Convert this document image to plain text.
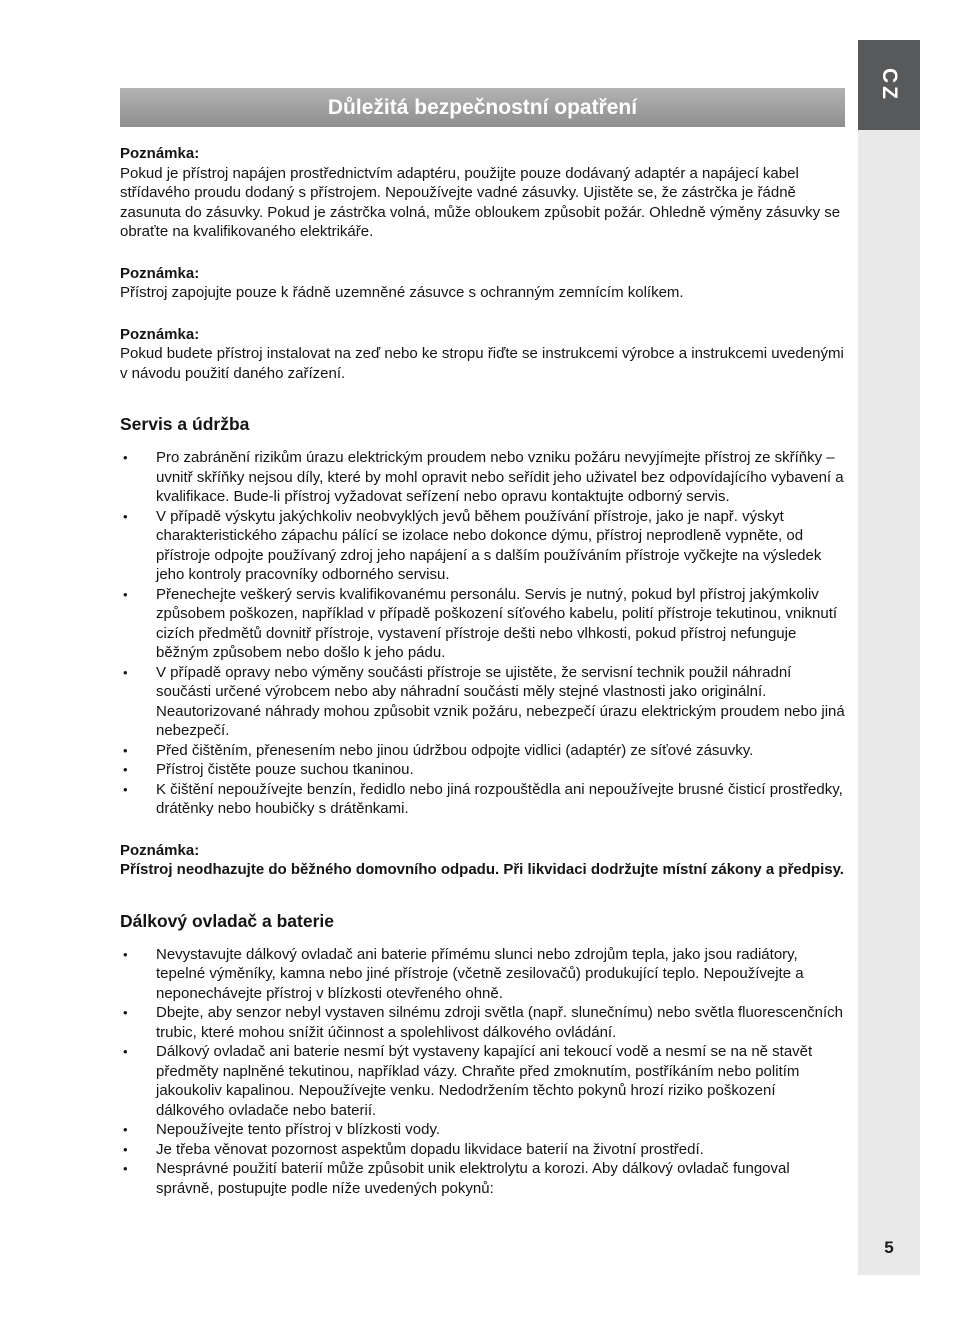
CZ
5
Důležitá bezpečnostní opatření
Poznámka:
Pokud je přístroj napájen prostřednictvím adaptéru, použijte pouze dodávaný adaptér a napájecí kabel střídavého proudu dodaný s přístrojem. Nepoužívejte vadné zásuvky. Ujistěte se, že zástrčka je řádně zasunuta do zásuvky. Pokud je zástrčka volná, může obloukem způsobit požár. Ohledně výměny zásuvky se obraťte na kvalifikovaného elektrikáře.
Poznámka:
Přístroj zapojujte pouze k řádně uzemněné zásuvce s ochranným zemnícím kolíkem.
Poznámka:
Pokud budete přístroj instalovat na zeď nebo ke stropu řiďte se instrukcemi výrobce a instrukcemi uvedenými v návodu použití daného zařízení.
Servis a údržba
• Pro zabránění rizikům úrazu elektrickým proudem nebo vzniku požáru nevyjímejte přístroj ze skříňky – uvnitř skříňky nejsou díly, které by mohl opravit nebo seřídit jeho uživatel bez odpovídajícího vybavení a kvalifikace. Bude-li přístroj vyžadovat seřízení nebo opravu kontaktujte odborný servis.
• V případě výskytu jakýchkoliv neobvyklých jevů během používání přístroje, jako je např. výskyt charakteristického zápachu pálící se izolace nebo dokonce dýmu, přístroj neprodleně vypněte, od přístroje odpojte používaný zdroj jeho napájení a s dalším používáním přístroje vyčkejte na výsledek jeho kontroly pracovníky odborného servisu.
• Přenechejte veškerý servis kvalifikovanému personálu. Servis je nutný, pokud byl přístroj jakýmkoliv způsobem poškozen, například v případě poškození síťového kabelu, polití přístroje tekutinou, vniknutí cizích předmětů dovnitř přístroje, vystavení přístroje dešti nebo vlhkosti, pokud přístroj nefunguje běžným způsobem nebo došlo k jeho pádu.
• V případě opravy nebo výměny součásti přístroje se ujistěte, že servisní technik použil náhradní součásti určené výrobcem nebo aby náhradní součásti měly stejné vlastnosti jako originální. Neautorizované náhrady mohou způsobit vznik požáru, nebezpečí úrazu elektrickým proudem nebo jiná nebezpečí.
• Před čištěním, přenesením nebo jinou údržbou odpojte vidlici (adaptér) ze síťové zásuvky.
• Přístroj čistěte pouze suchou tkaninou.
• K čištění nepoužívejte benzín, ředidlo nebo jiná rozpouštědla ani nepoužívejte brusné čisticí prostředky, drátěnky nebo houbičky s drátěnkami.
Poznámka:
Přístroj neodhazujte do běžného domovního odpadu. Při likvidaci dodržujte místní zákony a předpisy.
Dálkový ovladač a baterie
• Nevystavujte dálkový ovladač ani baterie přímému slunci nebo zdrojům tepla, jako jsou radiátory, tepelné výměníky, kamna nebo jiné přístroje (včetně zesilovačů) produkující teplo. Nepoužívejte a neponechávejte přístroj v blízkosti otevřeného ohně.
• Dbejte, aby senzor nebyl vystaven silnému zdroji světla (např. slunečnímu) nebo světla fluorescenčních trubic, které mohou snížit účinnost a spolehlivost dálkového ovládání.
• Dálkový ovladač ani baterie nesmí být vystaveny kapající ani tekoucí vodě a nesmí se na ně stavět předměty naplněné tekutinou, například vázy. Chraňte před zmoknutím, postříkáním nebo politím jakoukoliv kapalinou. Nepoužívejte venku. Nedodržením těchto pokynů hrozí riziko poškození dálkového ovladače nebo baterií.
• Nepoužívejte tento přístroj v blízkosti vody.
• Je třeba věnovat pozornost aspektům dopadu likvidace baterií na životní prostředí.
• Nesprávné použití baterií může způsobit unik elektrolytu a korozi. Aby dálkový ovladač fungoval správně, postupujte podle níže uvedených pokynů:
